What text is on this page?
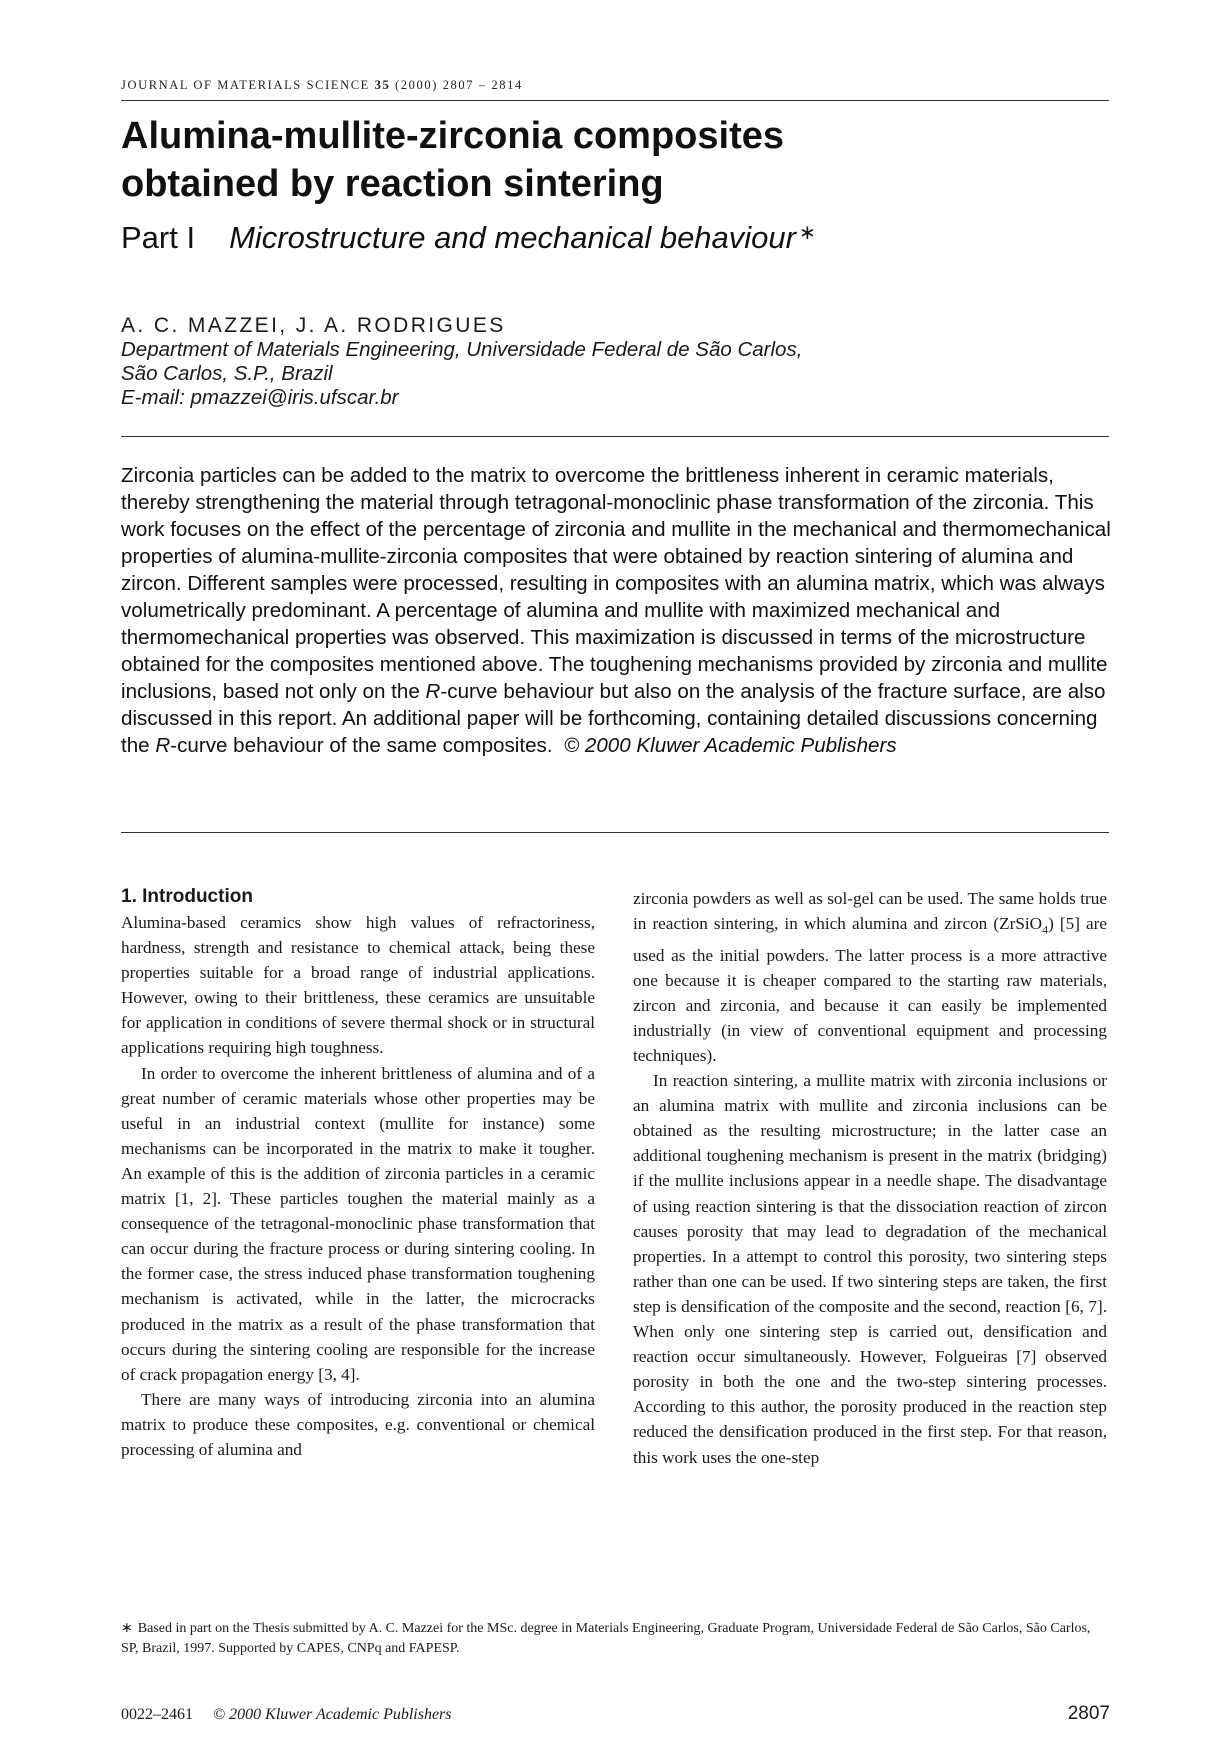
JOURNAL OF MATERIALS SCIENCE 35 (2000) 2807 – 2814
Alumina-mullite-zirconia composites
obtained by reaction sintering
Part I Microstructure and mechanical behaviour ∗
A. C. MAZZEI, J. A. RODRIGUES
Department of Materials Engineering, Universidade Federal de São Carlos,
São Carlos, S.P., Brazil
E-mail: pmazzei@iris.ufscar.br
Zirconia particles can be added to the matrix to overcome the brittleness inherent in ceramic materials, thereby strengthening the material through tetragonal-monoclinic phase transformation of the zirconia. This work focuses on the effect of the percentage of zirconia and mullite in the mechanical and thermomechanical properties of alumina-mullite-zirconia composites that were obtained by reaction sintering of alumina and zircon. Different samples were processed, resulting in composites with an alumina matrix, which was always volumetrically predominant. A percentage of alumina and mullite with maximized mechanical and thermomechanical properties was observed. This maximization is discussed in terms of the microstructure obtained for the composites mentioned above. The toughening mechanisms provided by zirconia and mullite inclusions, based not only on the R-curve behaviour but also on the analysis of the fracture surface, are also discussed in this report. An additional paper will be forthcoming, containing detailed discussions concerning the R-curve behaviour of the same composites. © 2000 Kluwer Academic Publishers
1. Introduction

Alumina-based ceramics show high values of refractoriness, hardness, strength and resistance to chemical attack, being these properties suitable for a broad range of industrial applications. However, owing to their brittleness, these ceramics are unsuitable for application in conditions of severe thermal shock or in structural applications requiring high toughness.

In order to overcome the inherent brittleness of alumina and of a great number of ceramic materials whose other properties may be useful in an industrial context (mullite for instance) some mechanisms can be incorporated in the matrix to make it tougher. An example of this is the addition of zirconia particles in a ceramic matrix [1, 2]. These particles toughen the material mainly as a consequence of the tetragonal-monoclinic phase transformation that can occur during the fracture process or during sintering cooling. In the former case, the stress induced phase transformation toughening mechanism is activated, while in the latter, the microcracks produced in the matrix as a result of the phase transformation that occurs during the sintering cooling are responsible for the increase of crack propagation energy [3, 4].

There are many ways of introducing zirconia into an alumina matrix to produce these composites, e.g. conventional or chemical processing of alumina and

zirconia powders as well as sol-gel can be used. The same holds true in reaction sintering, in which alumina and zircon (ZrSiO$_4$) [5] are used as the initial powders. The latter process is a more attractive one because it is cheaper compared to the starting raw materials, zircon and zirconia, and because it can easily be implemented industrially (in view of conventional equipment and processing techniques).

In reaction sintering, a mullite matrix with zirconia inclusions or an alumina matrix with mullite and zirconia inclusions can be obtained as the resulting microstructure; in the latter case an additional toughening mechanism is present in the matrix (bridging) if the mullite inclusions appear in a needle shape. The disadvantage of using reaction sintering is that the dissociation reaction of zircon causes porosity that may lead to degradation of the mechanical properties. In a attempt to control this porosity, two sintering steps rather than one can be used. If two sintering steps are taken, the first step is densification of the composite and the second, reaction [6, 7]. When only one sintering step is carried out, densification and reaction occur simultaneously. However, Folgueiras [7] observed porosity in both the one and the two-step sintering processes. According to this author, the porosity produced in the reaction step reduced the densification produced in the first step. For that reason, this work uses the one-step

∗ Based in part on the Thesis submitted by A. C. Mazzei for the MSc. degree in Materials Engineering, Graduate Program, Universidade Federal de São Carlos, São Carlos, SP, Brazil, 1997. Supported by CAPES, CNPq and FAPESP.
0022–2461 © 2000 Kluwer Academic Publishers	2807
